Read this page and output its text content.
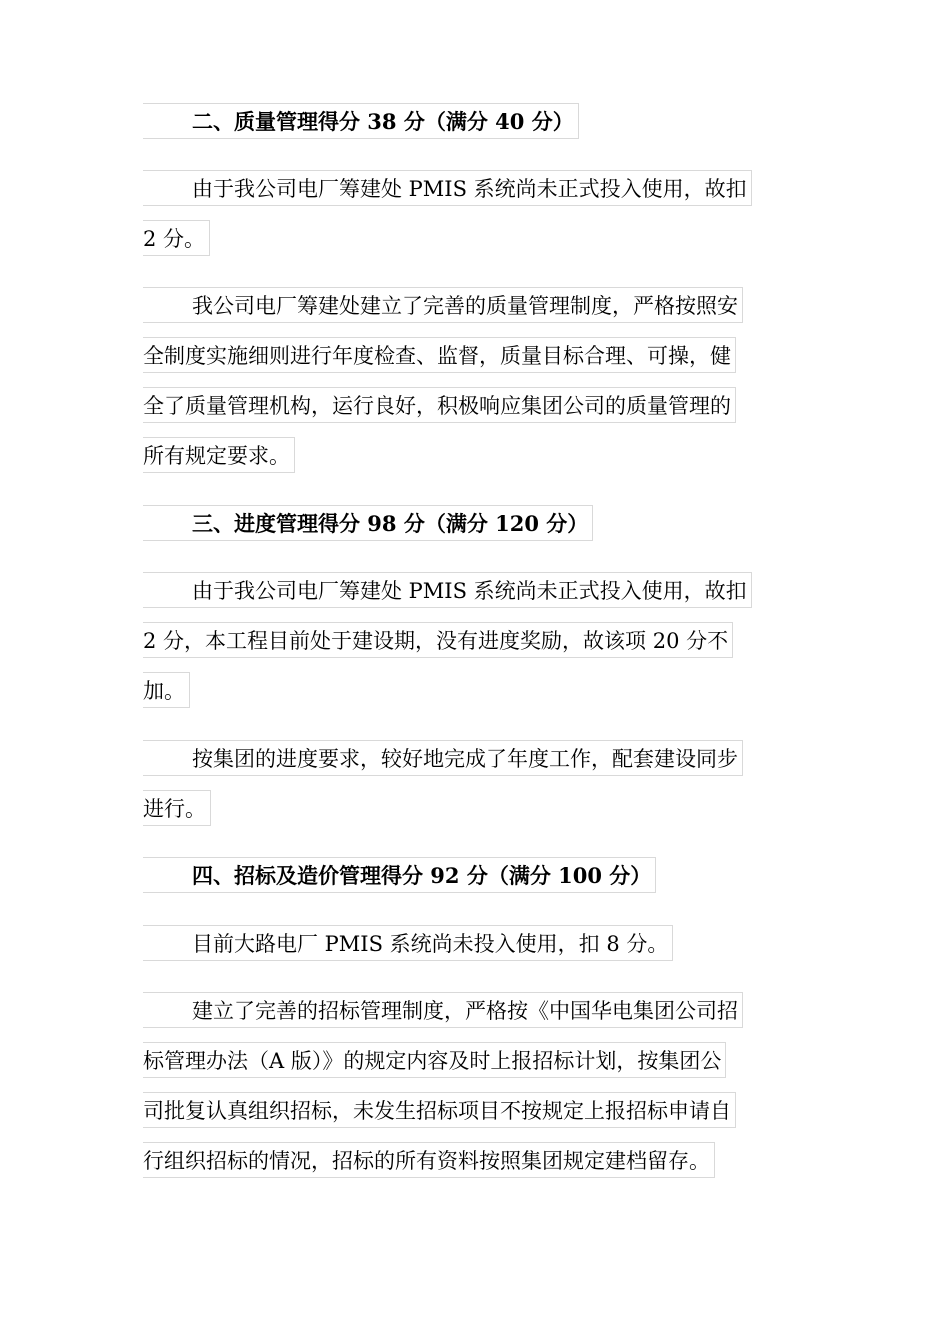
二、质量管理得分 38 分（满分 40 分）
由于我公司电厂筹建处 PMIS 系统尚未正式投入使用，故扣
2 分。
我公司电厂筹建处建立了完善的质量管理制度，严格按照安
全制度实施细则进行年度检查、监督，质量目标合理、可操，健
全了质量管理机构，运行良好，积极响应集团公司的质量管理的
所有规定要求。
三、进度管理得分 98 分（满分 120 分）
由于我公司电厂筹建处 PMIS 系统尚未正式投入使用，故扣
2 分，本工程目前处于建设期，没有进度奖励，故该项 20 分不
加。
按集团的进度要求，较好地完成了年度工作，配套建设同步
进行。
四、招标及造价管理得分 92 分（满分 100 分）
目前大路电厂 PMIS 系统尚未投入使用，扣 8 分。
建立了完善的招标管理制度，严格按《中国华电集团公司招
标管理办法（A 版）》的规定内容及时上报招标计划，按集团公
司批复认真组织招标，未发生招标项目不按规定上报招标申请自
行组织招标的情况，招标的所有资料按照集团规定建档留存。
